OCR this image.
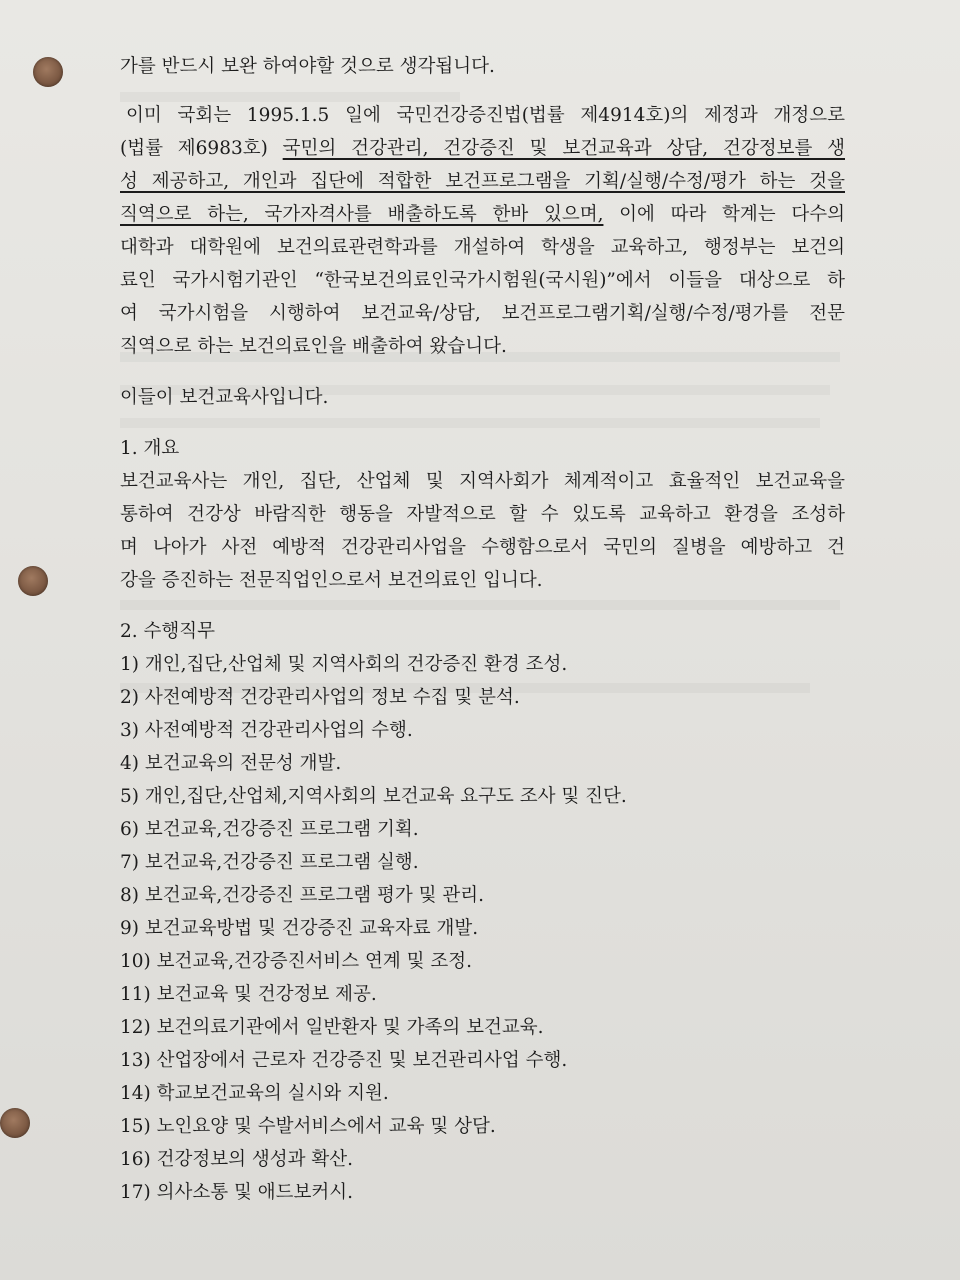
가를 반드시 보완 하여야할 것으로 생각됩니다.
이미 국회는 1995.1.5 일에 국민건강증진법(법률 제4914호)의 제정과 개정으로
(법률 제6983호) 국민의 건강관리, 건강증진 및 보건교육과 상담, 건강정보를 생
성 제공하고, 개인과 집단에 적합한 보건프로그램을 기획/실행/수정/평가 하는 것을
직역으로 하는, 국가자격사를 배출하도록 한바 있으며, 이에 따라 학계는 다수의
대학과 대학원에 보건의료관련학과를 개설하여 학생을 교육하고, 행정부는 보건의
료인 국가시험기관인 “한국보건의료인국가시험원(국시원)”에서 이들을 대상으로 하
여 국가시험을 시행하여 보건교육/상담, 보건프로그램기획/실행/수정/평가를 전문
직역으로 하는 보건의료인을 배출하여 왔습니다.
이들이 보건교육사입니다.
1. 개요
보건교육사는 개인, 집단, 산업체 및 지역사회가 체계적이고 효율적인 보건교육을
통하여 건강상 바람직한 행동을 자발적으로 할 수 있도록 교육하고 환경을 조성하
며 나아가 사전 예방적 건강관리사업을 수행함으로서 국민의 질병을 예방하고 건
강을 증진하는 전문직업인으로서 보건의료인 입니다.
2. 수행직무
1) 개인,집단,산업체 및 지역사회의 건강증진 환경 조성.
2) 사전예방적 건강관리사업의 정보 수집 및 분석.
3) 사전예방적 건강관리사업의 수행.
4) 보건교육의 전문성 개발.
5) 개인,집단,산업체,지역사회의 보건교육 요구도 조사 및 진단.
6) 보건교육,건강증진 프로그램 기획.
7) 보건교육,건강증진 프로그램 실행.
8) 보건교육,건강증진 프로그램 평가 및 관리.
9) 보건교육방법 및 건강증진 교육자료 개발.
10) 보건교육,건강증진서비스 연계 및 조정.
11) 보건교육 및 건강정보 제공.
12) 보건의료기관에서 일반환자 및 가족의 보건교육.
13) 산업장에서 근로자 건강증진 및 보건관리사업 수행.
14) 학교보건교육의 실시와 지원.
15) 노인요양 및 수발서비스에서 교육 및 상담.
16) 건강정보의 생성과 확산.
17) 의사소통 및 애드보커시.
